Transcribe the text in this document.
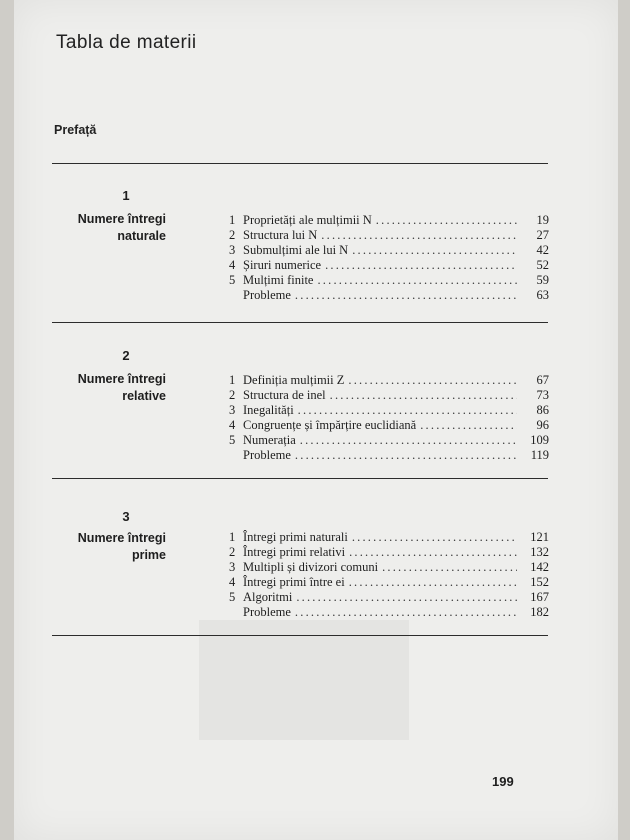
Tabla de materii
Prefață
1
Numere întregi
naturale
1 Proprietăți ale mulțimii N .....	19
2 Structura lui N .....	27
3 Submulțimi ale lui N .....	42
4 Șiruri numerice .....	52
5 Mulțimi finite .....	59
Probleme .....	63
2
Numere întregi
relative
1 Definiția mulțimii Z .....	67
2 Structura de inel .....	73
3 Inegalități .....	86
4 Congruențe și împărțire euclidiană .....	96
5 Numerația .....	109
Probleme .....	119
3
Numere întregi
prime
1 Întregi primi naturali .....	121
2 Întregi primi relativi .....	132
3 Multipli și divizori comuni .....	142
4 Întregi primi între ei .....	152
5 Algoritmi .....	167
Probleme .....	182
199
